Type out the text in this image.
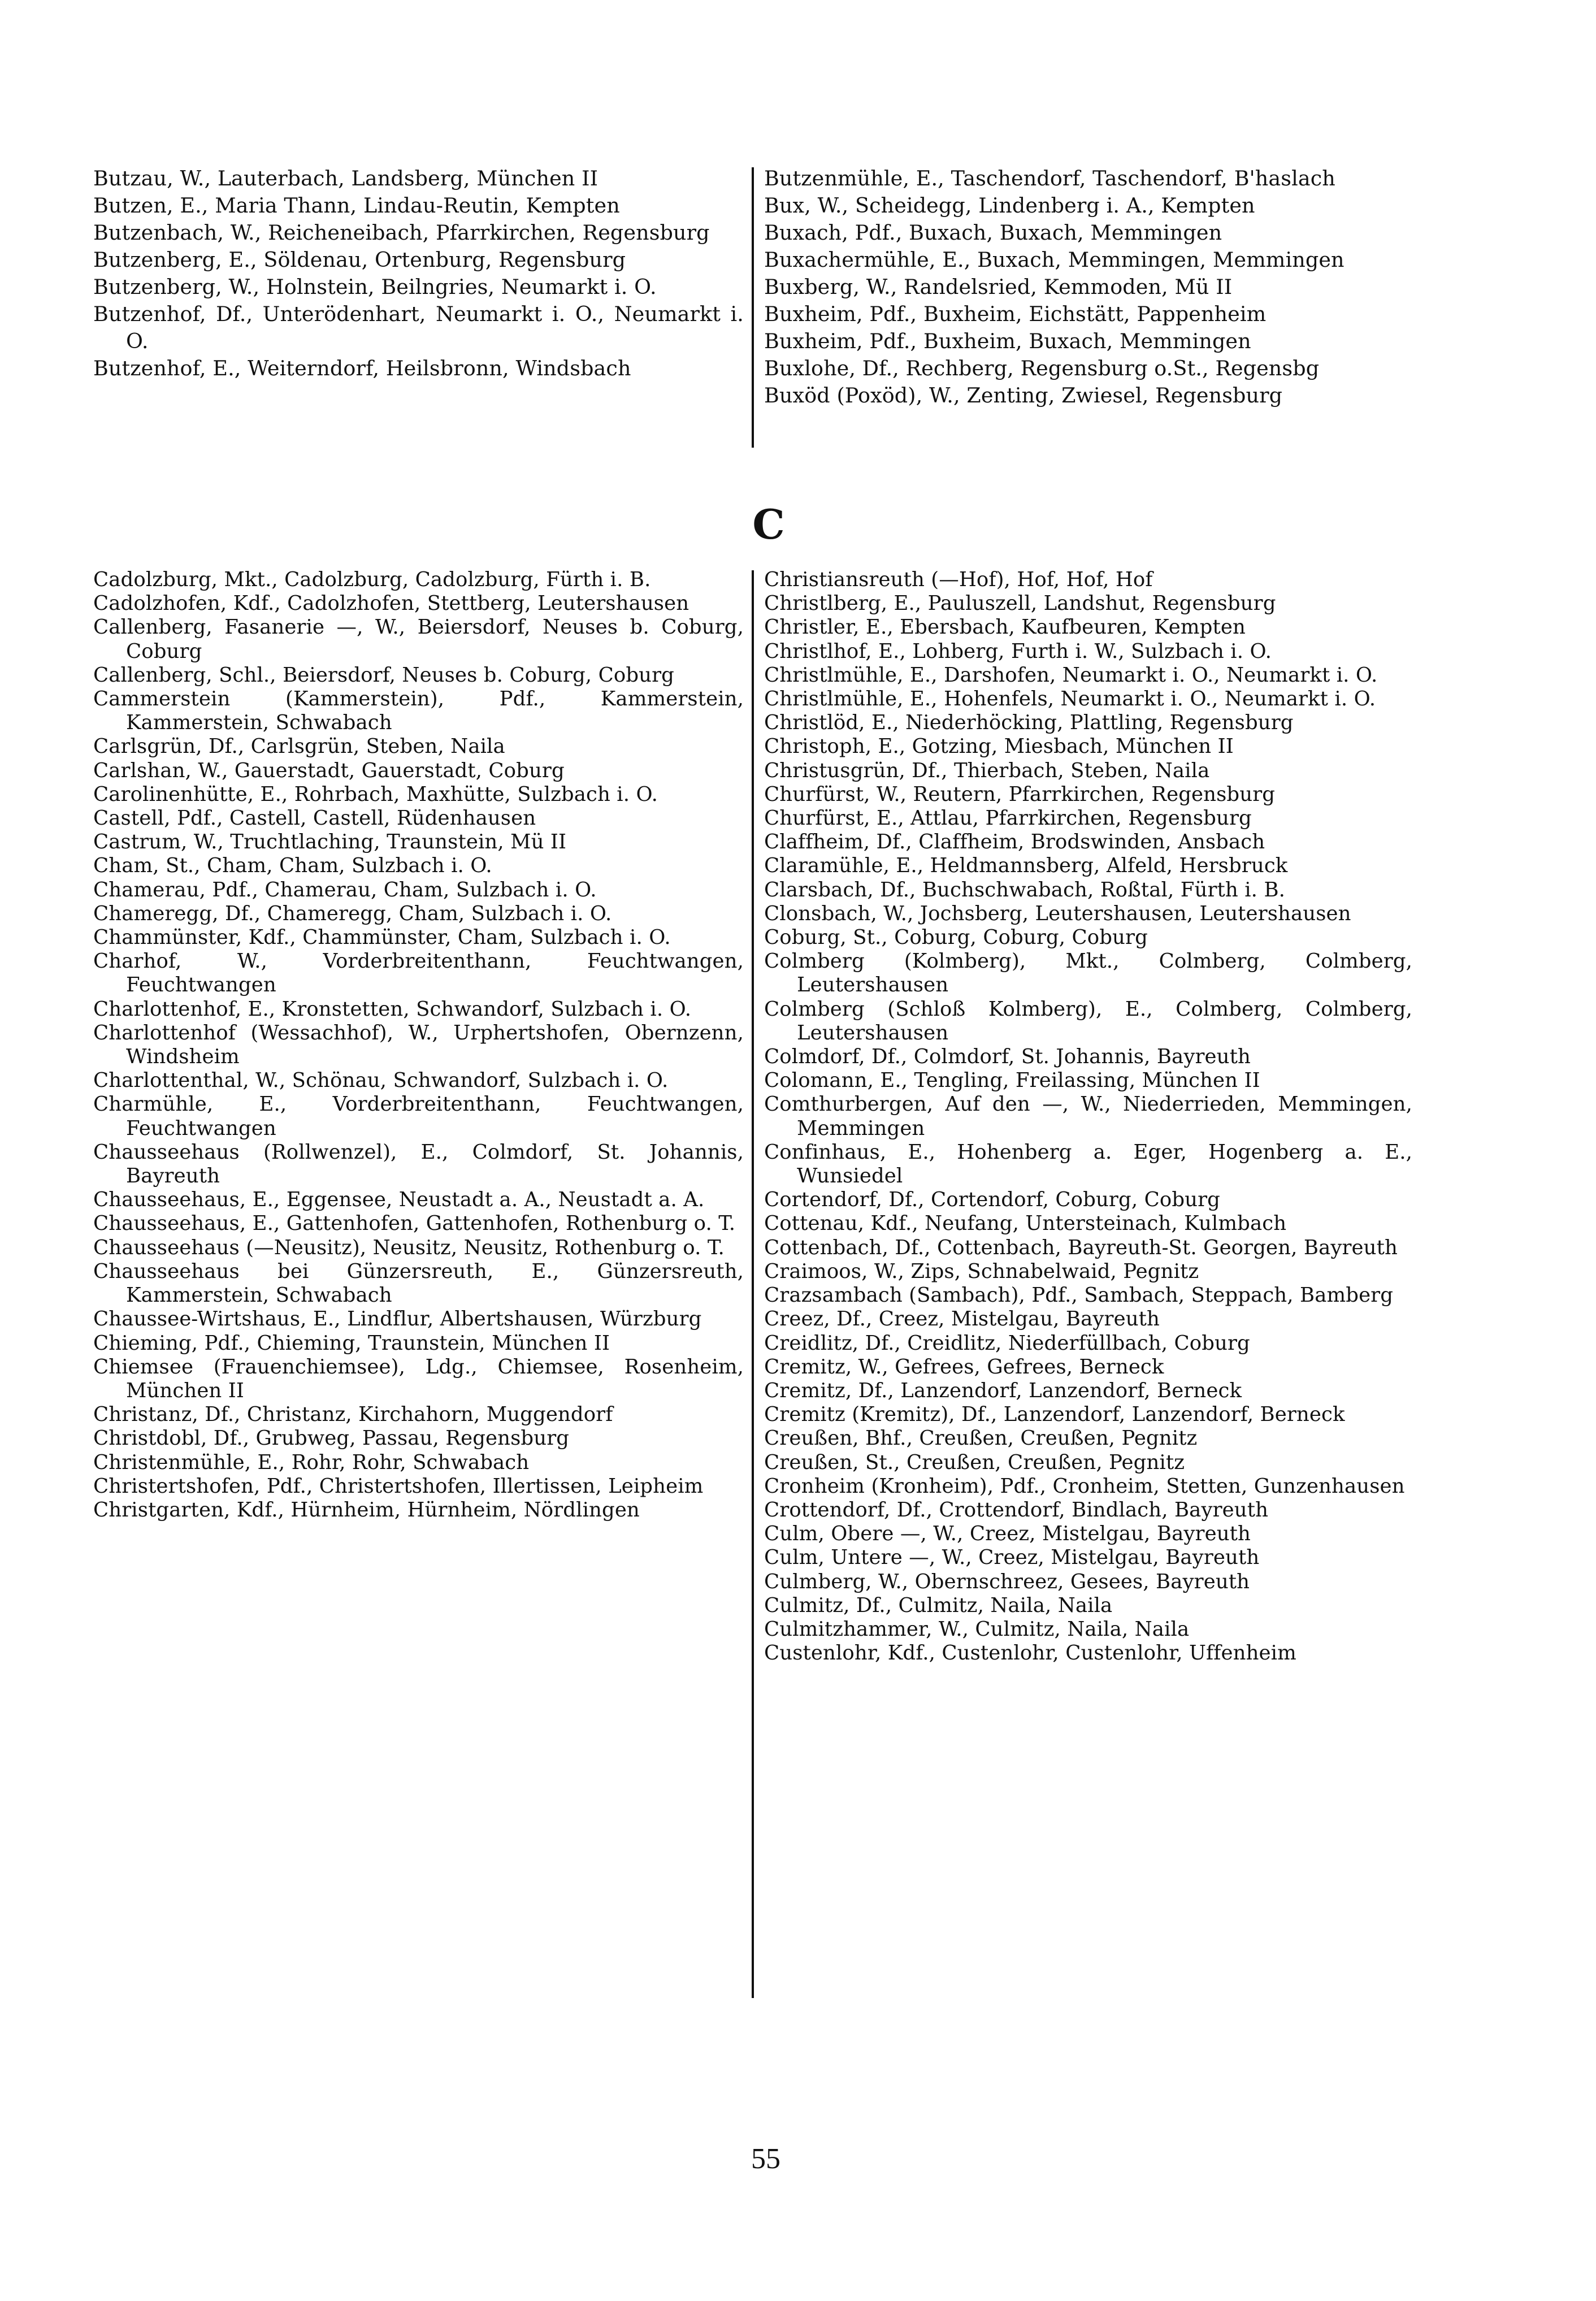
Butzau, W., Lauterbach, Landsberg, München II
Butzen, E., Maria Thann, Lindau-Reutin, Kempten
Butzenbach, W., Reicheneibach, Pfarrkirchen, Regensburg
Butzenberg, E., Söldenau, Ortenburg, Regensburg
Butzenberg, W., Holnstein, Beilngries, Neumarkt i. O.
Butzenhof, Df., Unterödenhart, Neumarkt i. O., Neumarkt i. O.
Butzenhof, E., Weiterndorf, Heilsbronn, Windsbach
Butzenmühle, E., Taschendorf, Taschendorf, B'haslach
Bux, W., Scheidegg, Lindenberg i. A., Kempten
Buxach, Pdf., Buxach, Buxach, Memmingen
Buxachermühle, E., Buxach, Memmingen, Memmingen
Buxberg, W., Randelsried, Kemmoden, Mü II
Buxheim, Pdf., Buxheim, Eichstätt, Pappenheim
Buxheim, Pdf., Buxheim, Buxach, Memmingen
Buxlohe, Df., Rechberg, Regensburg o.St., Regensbg
Buxöd (Poxöd), W., Zenting, Zwiesel, Regensburg
C
Cadolzburg, Mkt., Cadolzburg, Cadolzburg, Fürth i. B.
Cadolzhofen, Kdf., Cadolzhofen, Stettberg, Leutershausen
Callenberg, Fasanerie —, W., Beiersdorf, Neuses b. Coburg, Coburg
Callenberg, Schl., Beiersdorf, Neuses b. Coburg, Coburg
Cammerstein (Kammerstein), Pdf., Kammerstein, Kammerstein, Schwabach
Carlsgrün, Df., Carlsgrün, Steben, Naila
Carlshan, W., Gauerstadt, Gauerstadt, Coburg
Carolinenhütte, E., Rohrbach, Maxhütte, Sulzbach i. O.
Castell, Pdf., Castell, Castell, Rüdenhausen
Castrum, W., Truchtlaching, Traunstein, Mü II
Cham, St., Cham, Cham, Sulzbach i. O.
Chamerau, Pdf., Chamerau, Cham, Sulzbach i. O.
Chameregg, Df., Chameregg, Cham, Sulzbach i. O.
Chammünster, Kdf., Chammünster, Cham, Sulzbach i. O.
Charhof, W., Vorderbreitenthann, Feuchtwangen, Feuchtwangen
Charlottenhof, E., Kronstetten, Schwandorf, Sulzbach i. O.
Charlottenhof (Wessachhof), W., Urphertshofen, Obernzenn, Windsheim
Charlottenthal, W., Schönau, Schwandorf, Sulzbach i. O.
Charmühle, E., Vorderbreitenthann, Feuchtwangen, Feuchtwangen
Chausseehaus (Rollwenzel), E., Colmdorf, St. Johannis, Bayreuth
Chausseehaus, E., Eggensee, Neustadt a. A., Neustadt a. A.
Chausseehaus, E., Gattenhofen, Gattenhofen, Rothenburg o. T.
Chausseehaus (—Neusitz), Neusitz, Neusitz, Rothenburg o. T.
Chausseehaus bei Günzersreuth, E., Günzersreuth, Kammerstein, Schwabach
Chaussee-Wirtshaus, E., Lindflur, Albertshausen, Würzburg
Chieming, Pdf., Chieming, Traunstein, München II
Chiemsee (Frauenchiemsee), Ldg., Chiemsee, Rosenheim, München II
Christanz, Df., Christanz, Kirchahorn, Muggendorf
Christdobl, Df., Grubweg, Passau, Regensburg
Christenmühle, E., Rohr, Rohr, Schwabach
Christertshofen, Pdf., Christertshofen, Illertissen, Leipheim
Christgarten, Kdf., Hürnheim, Hürnheim, Nördlingen
Christiansreuth (—Hof), Hof, Hof, Hof
Christlberg, E., Pauluszell, Landshut, Regensburg
Christler, E., Ebersbach, Kaufbeuren, Kempten
Christlhof, E., Lohberg, Furth i. W., Sulzbach i. O.
Christlmühle, E., Darshofen, Neumarkt i. O., Neumarkt i. O.
Christlmühle, E., Hohenfels, Neumarkt i. O., Neumarkt i. O.
Christlöd, E., Niederhöcking, Plattling, Regensburg
Christoph, E., Gotzing, Miesbach, München II
Christusgrün, Df., Thierbach, Steben, Naila
Churfürst, W., Reutern, Pfarrkirchen, Regensburg
Churfürst, E., Attlau, Pfarrkirchen, Regensburg
Claffheim, Df., Claffheim, Brodswinden, Ansbach
Claramühle, E., Heldmannsberg, Alfeld, Hersbruck
Clarsbach, Df., Buchschwabach, Roßtal, Fürth i. B.
Clonsbach, W., Jochsberg, Leutershausen, Leutershausen
Coburg, St., Coburg, Coburg, Coburg
Colmberg (Kolmberg), Mkt., Colmberg, Colmberg, Leutershausen
Colmberg (Schloß Kolmberg), E., Colmberg, Colmberg, Leutershausen
Colmdorf, Df., Colmdorf, St. Johannis, Bayreuth
Colomann, E., Tengling, Freilassing, München II
Comthurbergen, Auf den —, W., Niederrieden, Memmingen, Memmingen
Confinhaus, E., Hohenberg a. Eger, Hogenberg a. E., Wunsiedel
Cortendorf, Df., Cortendorf, Coburg, Coburg
Cottenau, Kdf., Neufang, Untersteinach, Kulmbach
Cottenbach, Df., Cottenbach, Bayreuth-St. Georgen, Bayreuth
Craimoos, W., Zips, Schnabelwaid, Pegnitz
Crazsambach (Sambach), Pdf., Sambach, Steppach, Bamberg
Creez, Df., Creez, Mistelgau, Bayreuth
Creidlitz, Df., Creidlitz, Niederfüllbach, Coburg
Cremitz, W., Gefrees, Gefrees, Berneck
Cremitz, Df., Lanzendorf, Lanzendorf, Berneck
Cremitz (Kremitz), Df., Lanzendorf, Lanzendorf, Berneck
Creußen, Bhf., Creußen, Creußen, Pegnitz
Creußen, St., Creußen, Creußen, Pegnitz
Cronheim (Kronheim), Pdf., Cronheim, Stetten, Gunzenhausen
Crottendorf, Df., Crottendorf, Bindlach, Bayreuth
Culm, Obere —, W., Creez, Mistelgau, Bayreuth
Culm, Untere —, W., Creez, Mistelgau, Bayreuth
Culmberg, W., Obernschreez, Gesees, Bayreuth
Culmitz, Df., Culmitz, Naila, Naila
Culmitzhammer, W., Culmitz, Naila, Naila
Custenlohr, Kdf., Custenlohr, Custenlohr, Uffenheim
55
